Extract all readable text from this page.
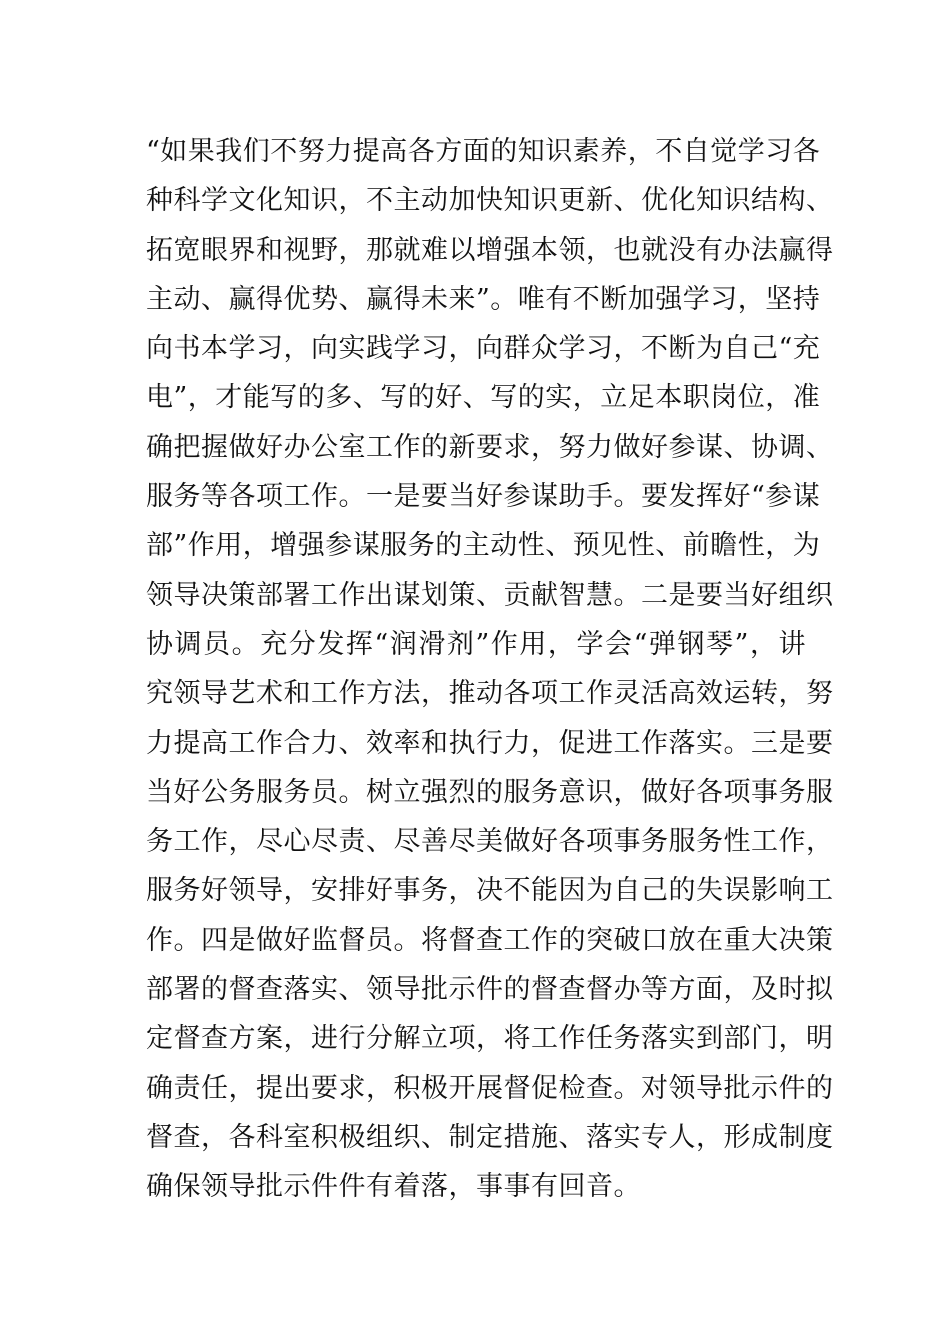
“如果我们不努力提高各方面的知识素养，不自觉学习各
种科学文化知识，不主动加快知识更新、优化知识结构、
拓宽眼界和视野，那就难以增强本领，也就没有办法赢得
主动、赢得优势、赢得未来”。唯有不断加强学习，坚持
向书本学习，向实践学习，向群众学习，不断为自己“充
电”，才能写的多、写的好、写的实，立足本职岗位，准
确把握做好办公室工作的新要求，努力做好参谋、协调、
服务等各项工作。一是要当好参谋助手。要发挥好“参谋
部”作用，增强参谋服务的主动性、预见性、前瞻性，为
领导决策部署工作出谋划策、贡献智慧。二是要当好组织
协调员。充分发挥“润滑剂”作用，学会“弹钢琴”，讲
究领导艺术和工作方法，推动各项工作灵活高效运转，努
力提高工作合力、效率和执行力，促进工作落实。三是要
当好公务服务员。树立强烈的服务意识，做好各项事务服
务工作，尽心尽责、尽善尽美做好各项事务服务性工作，
服务好领导，安排好事务，决不能因为自己的失误影响工
作。四是做好监督员。将督查工作的突破口放在重大决策
部署的督查落实、领导批示件的督查督办等方面，及时拟
定督查方案，进行分解立项，将工作任务落实到部门，明
确责任，提出要求，积极开展督促检查。对领导批示件的
督查，各科室积极组织、制定措施、落实专人，形成制度
确保领导批示件件有着落，事事有回音。
